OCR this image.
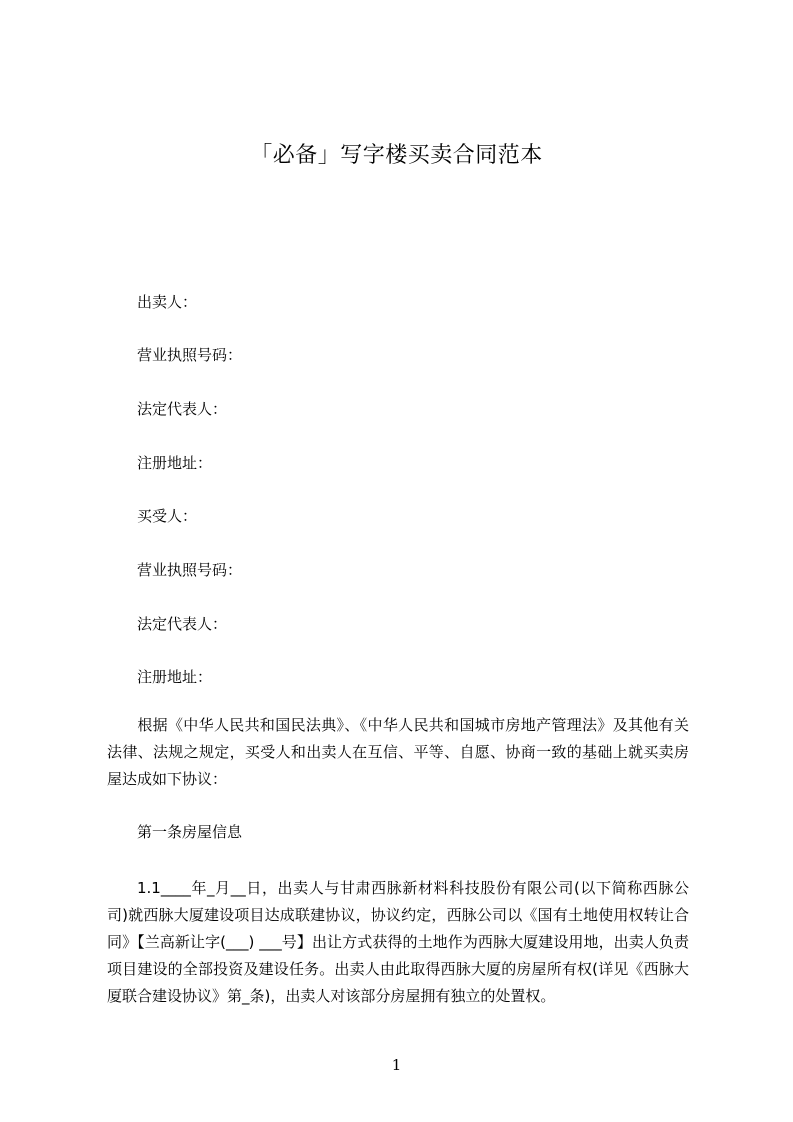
「必备」写字楼买卖合同范本
出卖人：
营业执照号码：
法定代表人：
注册地址：
买受人：
营业执照号码：
法定代表人：
注册地址：
根据《中华人民共和国民法典》、《中华人民共和国城市房地产管理法》及其他有关法律、法规之规定，买受人和出卖人在互信、平等、自愿、协商一致的基础上就买卖房屋达成如下协议：
第一条房屋信息
1.1____年_月__日，出卖人与甘肃西脉新材料科技股份有限公司(以下简称西脉公司)就西脉大厦建设项目达成联建协议，协议约定，西脉公司以《国有土地使用权转让合同》【兰高新让字(___) ___号】出让方式获得的土地作为西脉大厦建设用地，出卖人负责项目建设的全部投资及建设任务。出卖人由此取得西脉大厦的房屋所有权(详见《西脉大厦联合建设协议》第_条)，出卖人对该部分房屋拥有独立的处置权。
1
